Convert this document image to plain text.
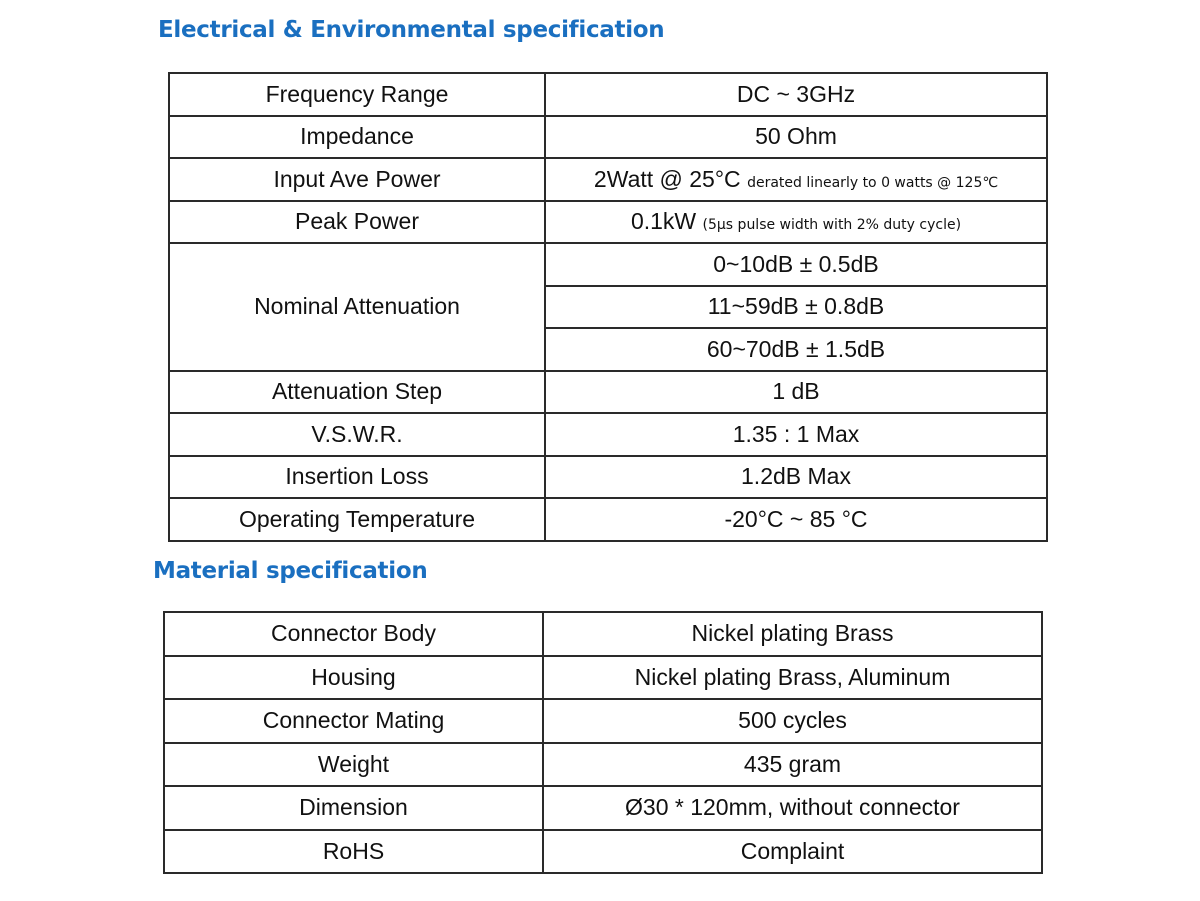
Electrical & Environmental specification
Frequency Range	DC ~ 3GHz
Impedance	50 Ohm
Input Ave Power	2Watt @ 25°C derated linearly to 0 watts @ 125℃
Peak Power	0.1kW (5μs pulse width with 2% duty cycle)
Nominal Attenuation	0~10dB ± 0.5dB
	11~59dB ± 0.8dB
	60~70dB ± 1.5dB
Attenuation Step	1 dB
V.S.W.R.	1.35 : 1 Max
Insertion Loss	1.2dB Max
Operating Temperature	-20°C ~ 85 °C
Material specification
Connector Body	Nickel plating Brass
Housing	Nickel plating Brass, Aluminum
Connector Mating	500 cycles
Weight	435 gram
Dimension	Ø30 * 120mm, without connector
RoHS	Complaint
